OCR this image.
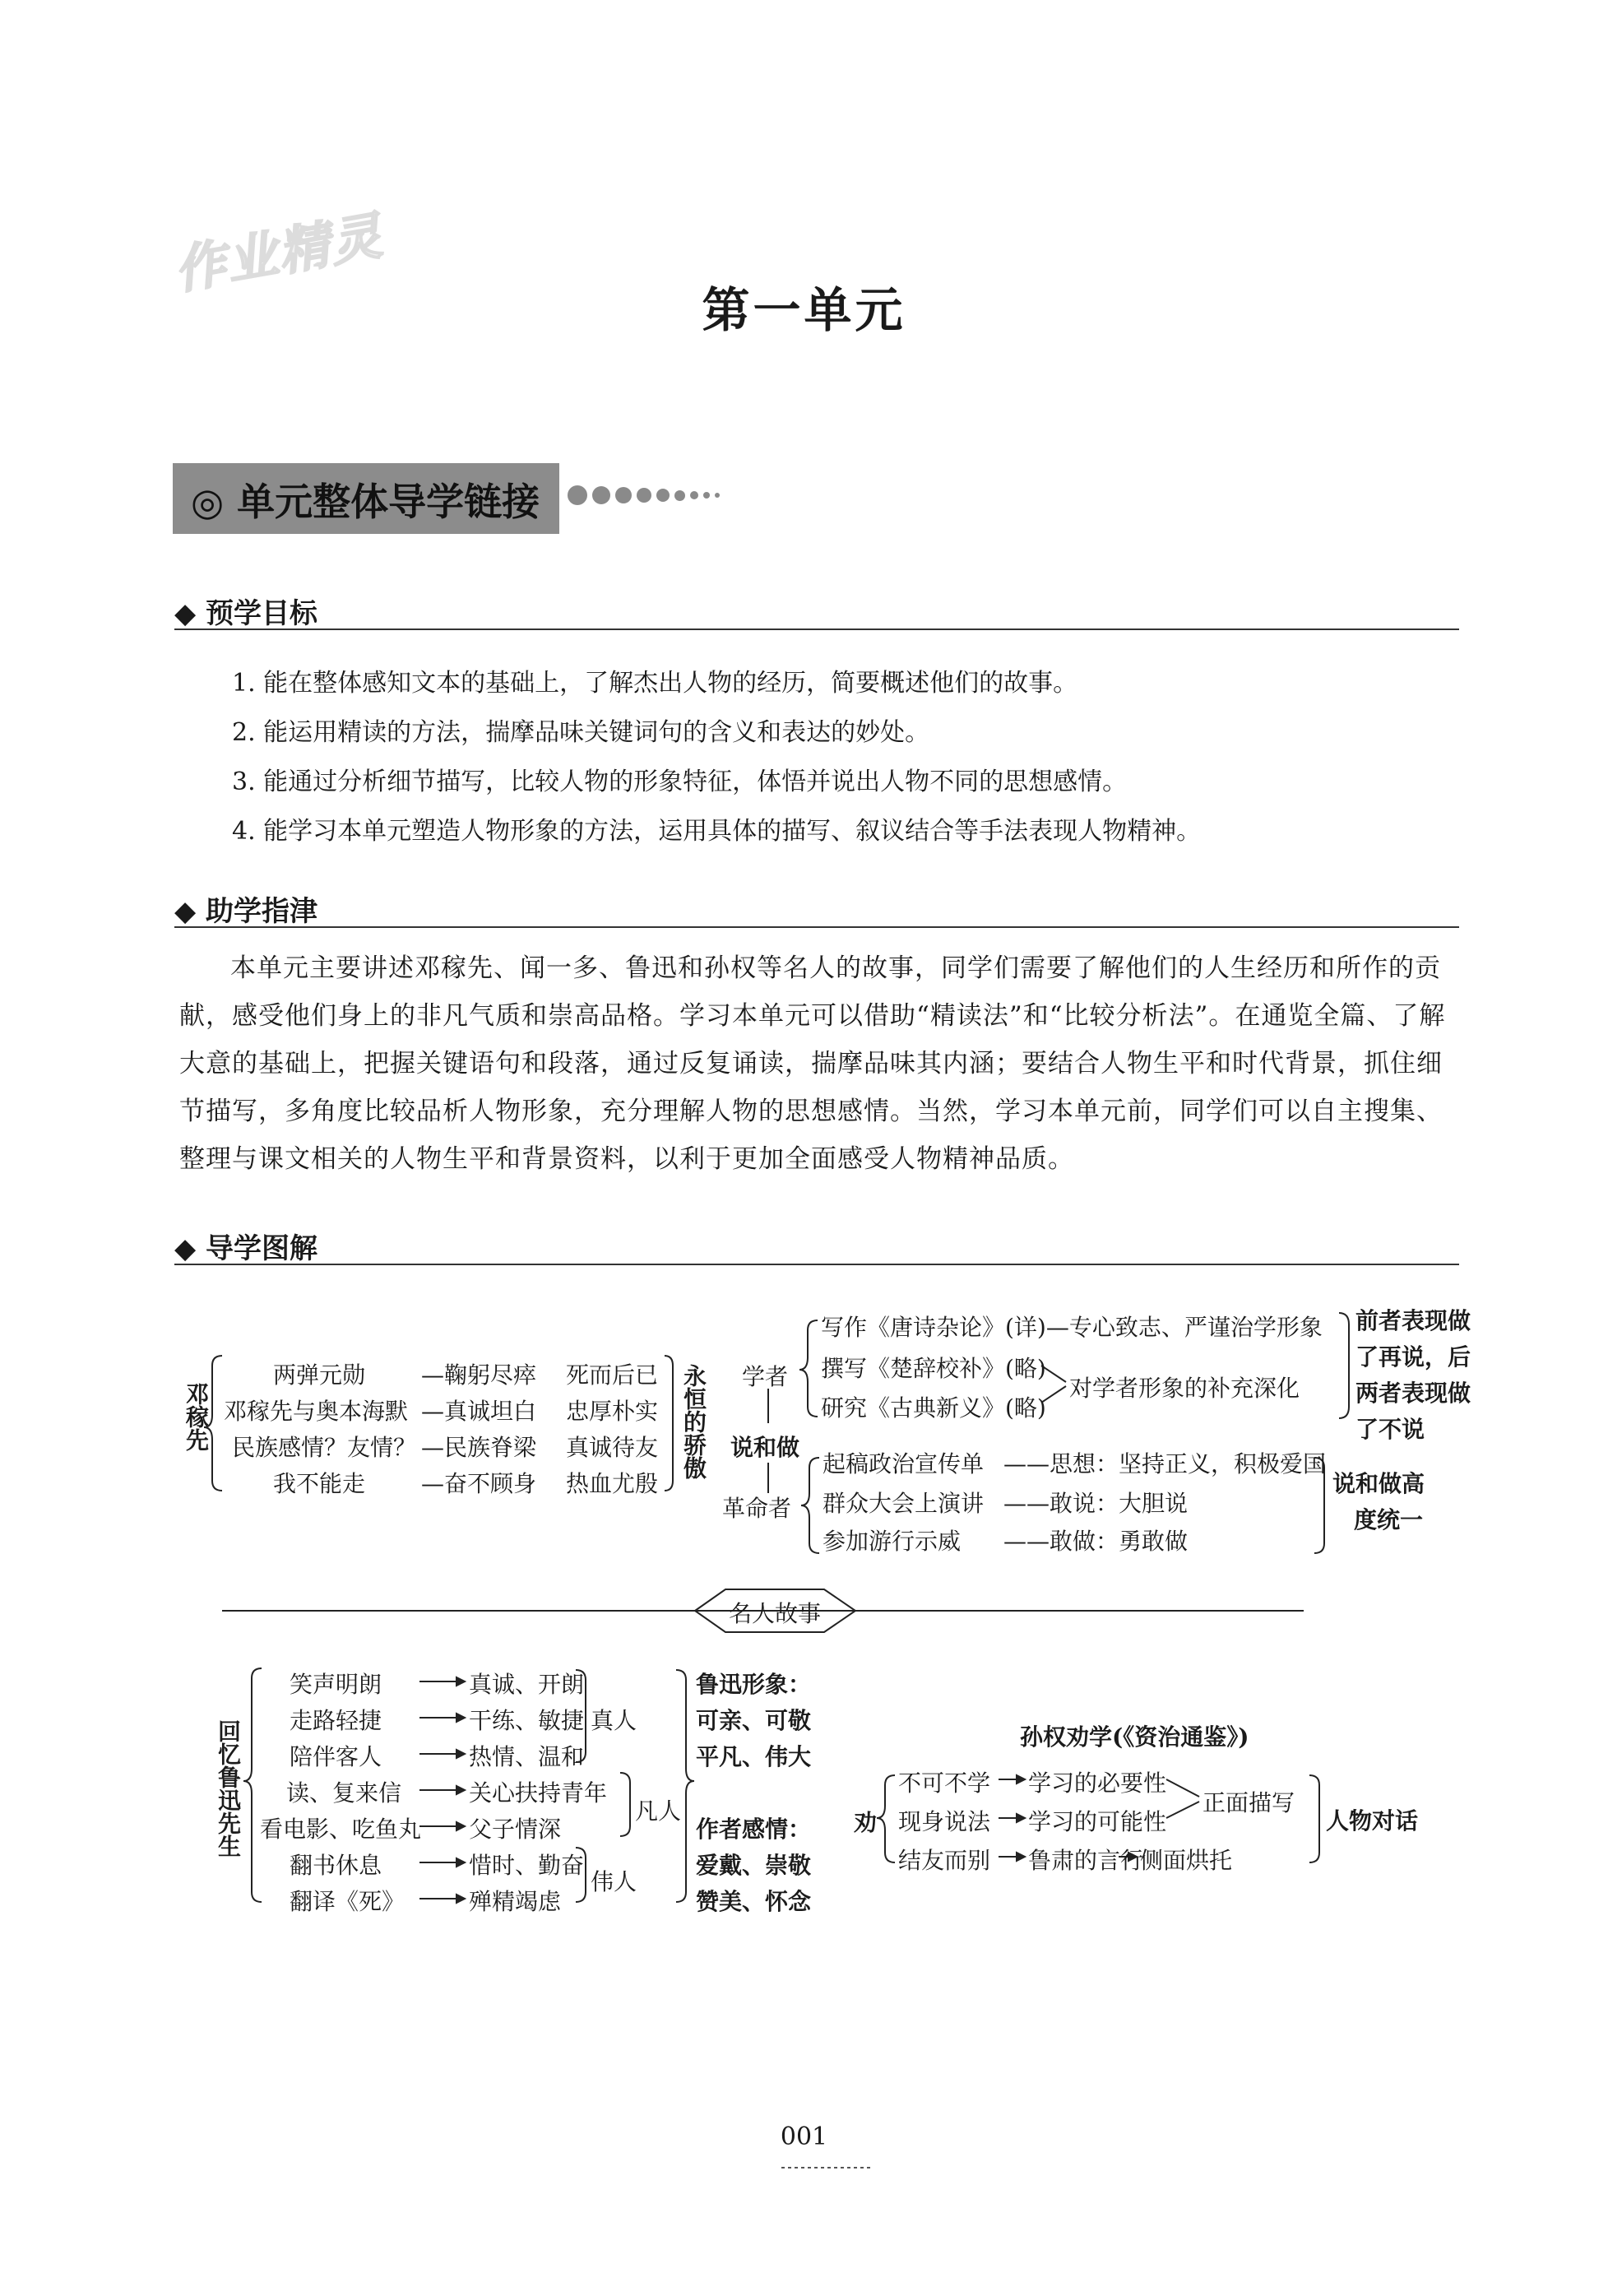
作业精灵
第一单元
◎ 单元整体导学链接
◆ 预学目标
1. 能在整体感知文本的基础上，了解杰出人物的经历，简要概述他们的故事。
2. 能运用精读的方法，揣摩品味关键词句的含义和表达的妙处。
3. 能通过分析细节描写，比较人物的形象特征，体悟并说出人物不同的思想感情。
4. 能学习本单元塑造人物形象的方法，运用具体的描写、叙议结合等手法表现人物精神。
◆ 助学指津
本单元主要讲述邓稼先、闻一多、鲁迅和孙权等名人的故事，同学们需要了解他们的人生经历和所作的贡献，感受他们身上的非凡气质和崇高品格。学习本单元可以借助“精读法”和“比较分析法”。在通览全篇、了解大意的基础上，把握关键语句和段落，通过反复诵读，揣摩品味其内涵；要结合人物生平和时代背景，抓住细节描写，多角度比较品析人物形象，充分理解人物的思想感情。当然，学习本单元前，同学们可以自主搜集、整理与课文相关的人物生平和背景资料，以利于更加全面感受人物精神品质。
◆ 导学图解
邓稼先
两弹元勋 —鞠躬尽瘁 死而后已
邓稼先与奥本海默 —真诚坦白 忠厚朴实
民族感情？友情？ —民族脊梁 真诚待友
我不能走 —奋不顾身 热血尤殷
永恒的骄傲 学者
说和做
革命者
写作《唐诗杂论》(详)—专心致志、严谨治学形象
撰写《楚辞校补》(略)
研究《古典新义》(略)
对学者形象的补充深化
前者表现做
了再说，后
两者表现做
了不说
起稿政治宣传单 ——思想：坚持正义，积极爱国
群众大会上演讲 ——敢说：大胆说
参加游行示威 ——敢做：勇敢做
说和做高
度统一
名人故事
回忆鲁迅先生
笑声明朗	真诚、开朗
走路轻捷	干练、敏捷
陪伴客人	热情、温和
读、复来信	关心扶持青年
看电影、吃鱼丸 父子情深
翻书休息	惜时、勤奋
翻译《死》	殚精竭虑
真人
凡人
伟人
鲁迅形象：
可亲、可敬
平凡、伟大
作者感情：
爱戴、崇敬
赞美、怀念
孙权劝学(《资治通鉴》)
劝
不可不学 学习的必要性
现身说法 学习的可能性
结友而别 鲁肃的言行
侧面烘托
正面描写
人物对话
001
